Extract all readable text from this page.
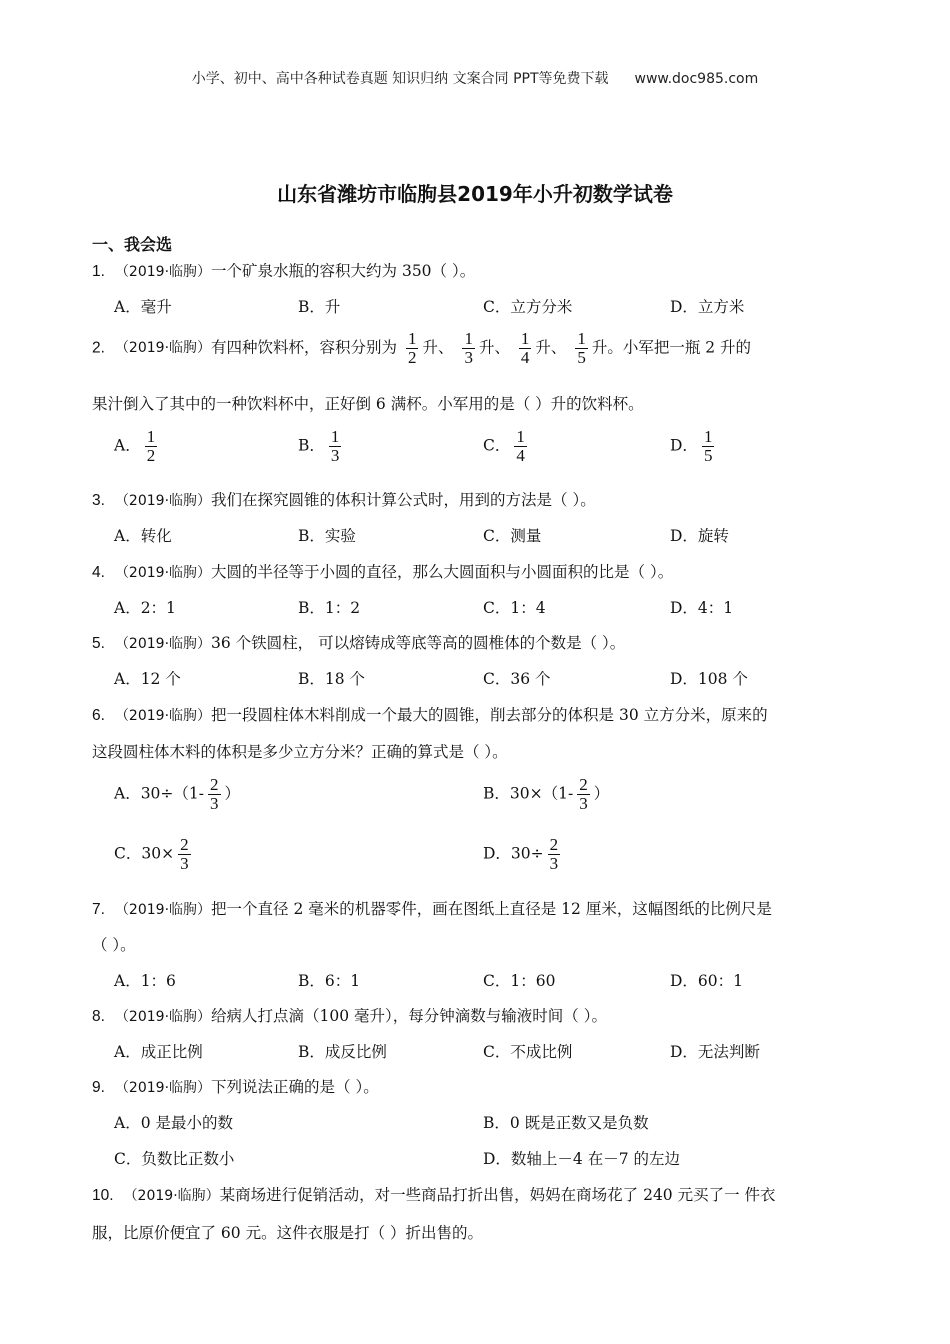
小学、初中、高中各种试卷真题 知识归纳 文案合同 PPT等免费下载 www.doc985.com
山东省潍坊市临朐县2019年小升初数学试卷
一、我会选
1. （2019·临朐）一个矿泉水瓶的容积大约为 350（ ）。
A．毫升	B．升	C．立方分米	D．立方米
2. （2019·临朐）有四种饮料杯，容积分别为 $\frac{1}{2}$ 升、 $\frac{1}{3}$ 升、 $\frac{1}{4}$ 升、 $\frac{1}{5}$ 升。小军把一瓶 2 升的
果汁倒入了其中的一种饮料杯中，正好倒 6 满杯。小军用的是（ ）升的饮料杯。
A． $\frac{1}{2}$	B． $\frac{1}{3}$	C． $\frac{1}{4}$	D． $\frac{1}{5}$
3. （2019·临朐）我们在探究圆锥的体积计算公式时，用到的方法是（ ）。
A．转化	B．实验	C．测量	D．旋转
4. （2019·临朐）大圆的半径等于小圆的直径，那么大圆面积与小圆面积的比是（ ）。
A．2：1	B．1：2	C．1：4	D．4：1
5. （2019·临朐）36 个铁圆柱， 可以熔铸成等底等高的圆椎体的个数是（ ）。
A．12 个	B．18 个	C．36 个	D．108 个
6. （2019·临朐）把一段圆柱体木料削成一个最大的圆锥，削去部分的体积是 30 立方分米，原来的
这段圆柱体木料的体积是多少立方分米？正确的算式是（ ）。
A．$30\div(1- \frac{2}{3}$ ）	B．$30\times(1- \frac{2}{3}$ ）
C．$30\times \frac{2}{3}$	D．$30\div \frac{2}{3}$
7. （2019·临朐）把一个直径 2 毫米的机器零件，画在图纸上直径是 12 厘米，这幅图纸的比例尺是
（ ）。
A．1：6	B．6：1	C．1：60	D．60：1
8. （2019·临朐）给病人打点滴（100 毫升），每分钟滴数与输液时间（ ）。
A．成正比例	B．成反比例	C．不成比例	D．无法判断
9. （2019·临朐）下列说法正确的是（ ）。
A．0 是最小的数	B．0 既是正数又是负数
C．负数比正数小	D．数轴上－4 在－7 的左边
10. （2019·临朐）某商场进行促销活动，对一些商品打折出售，妈妈在商场花了 240 元买了一 件衣
服，比原价便宜了 60 元。这件衣服是打（ ）折出售的。
